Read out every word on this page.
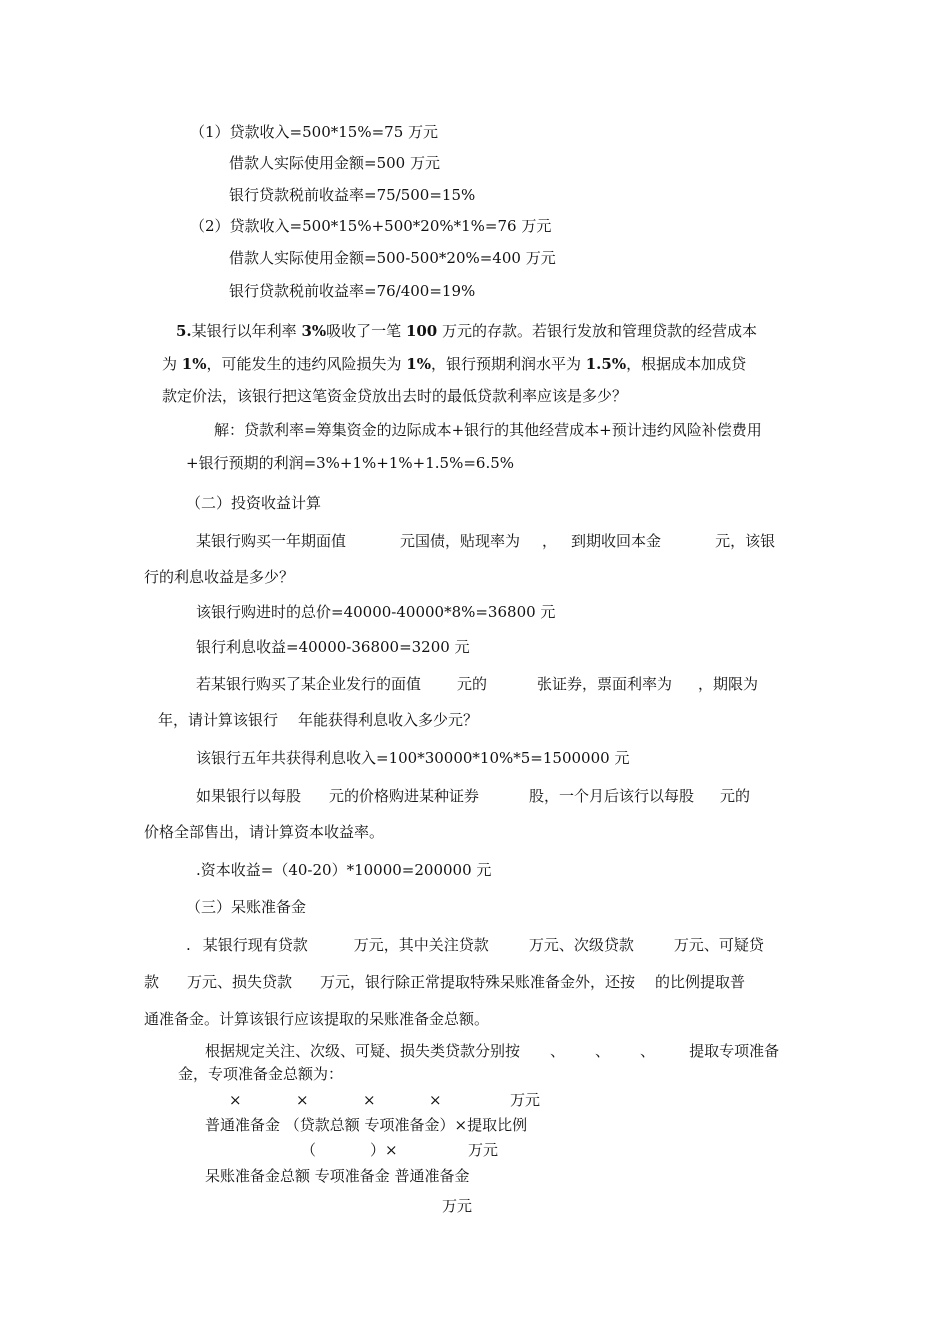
（1）贷款收入=500*15%=75 万元
借款人实际使用金额=500 万元
银行贷款税前收益率=75/500=15%
（2）贷款收入=500*15%+500*20%*1%=76 万元
借款人实际使用金额=500-500*20%=400 万元
银行贷款税前收益率=76/400=19%
5.某银行以年利率 3%吸收了一笔 100 万元的存款。若银行发放和管理贷款的经营成本
为 1%，可能发生的违约风险损失为 1%，银行预期利润水平为 1.5%，根据成本加成贷
款定价法，该银行把这笔资金贷放出去时的最低贷款利率应该是多少？
解：贷款利率=筹集资金的边际成本+银行的其他经营成本+预计违约风险补偿费用
+银行预期的利润=3%+1%+1%+1.5%=6.5%
（二）投资收益计算
某银行购买一年期面值	元国债，贴现率为 ， 到期收回本金	元，该银
行的利息收益是多少？
该银行购进时的总价=40000-40000*8%=36800 元
银行利息收益=40000-36800=3200 元
若某银行购买了某企业发行的面值 元的	张证券，票面利率为 ，期限为
年，请计算该银行 年能获得利息收入多少元？
该银行五年共获得利息收入=100*30000*10%*5=1500000 元
如果银行以每股 元的价格购进某种证券	股，一个月后该行以每股 元的
价格全部售出，请计算资本收益率。
.资本收益=（40-20）*10000=200000 元
（三）呆账准备金
. 某银行现有贷款	万元，其中关注贷款	万元、次级贷款	万元、可疑贷
款 万元、损失贷款 万元，银行除正常提取特殊呆账准备金外，还按 的比例提取普
通准备金。计算该银行应该提取的呆账准备金总额。
根据规定关注、次级、可疑、损失类贷款分别按 、 、 、 提取专项准备
金，专项准备金总额为：
×	×	×	×	万元
普通准备金 （贷款总额 专项准备金）×提取比例
（	）×	万元
呆账准备金总额 专项准备金 普通准备金
万元
